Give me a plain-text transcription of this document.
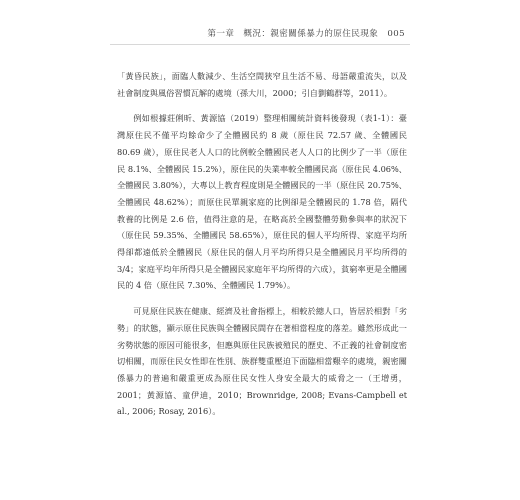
第一章　概況：親密關係暴力的原住民現象 005

「黃昏民族」，面臨人數減少、生活空間狹窄且生活不易、母語嚴重流失，以及社會制度與風俗習慣瓦解的處境（孫大川，2000；引自劉鶴群等，2011）。

例如根據莊俐昕、黃源協（2019）整理相關統計資料後發現（表1-1）：臺灣原住民不僅平均餘命少了全體國民約 8 歲（原住民 72.57 歲、全體國民 80.69 歲），原住民老人人口的比例較全體國民老人人口的比例少了一半（原住民 8.1%、全體國民 15.2%），原住民的失業率較全體國民高（原住民 4.06%、全體國民 3.80%），大專以上教育程度則是全體國民的一半（原住民 20.75%、全體國民 48.62%）；而原住民單親家庭的比例卻是全體國民的 1.78 倍，隔代教養的比例是 2.6 倍，值得注意的是，在略高於全國整體勞動參與率的狀況下（原住民 59.35%、全體國民 58.65%），原住民的個人平均所得、家庭平均所得卻都遠低於全體國民（原住民的個人月平均所得只是全體國民月平均所得的 3/4；家庭平均年所得只是全體國民家庭年平均所得的六成），貧窮率更是全體國民的 4 倍（原住民 7.30%、全體國民 1.79%）。

可見原住民族在健康、經濟及社會指標上，相較於總人口，皆居於相對「劣勢」的狀態，顯示原住民族與全體國民間存在著相當程度的落差。雖然形成此一劣勢狀態的原因可能很多，但應與原住民族被殖民的歷史、不正義的社會制度密切相關，而原住民女性即在性別、族群雙重壓迫下面臨相當艱辛的處境，親密關係暴力的普遍和嚴重更成為原住民女性人身安全最大的威脅之一（王增勇，2001；黃源協、童伊迪，2010；Brownridge, 2008; Evans-Campbell et al., 2006; Rosay, 2016）。
